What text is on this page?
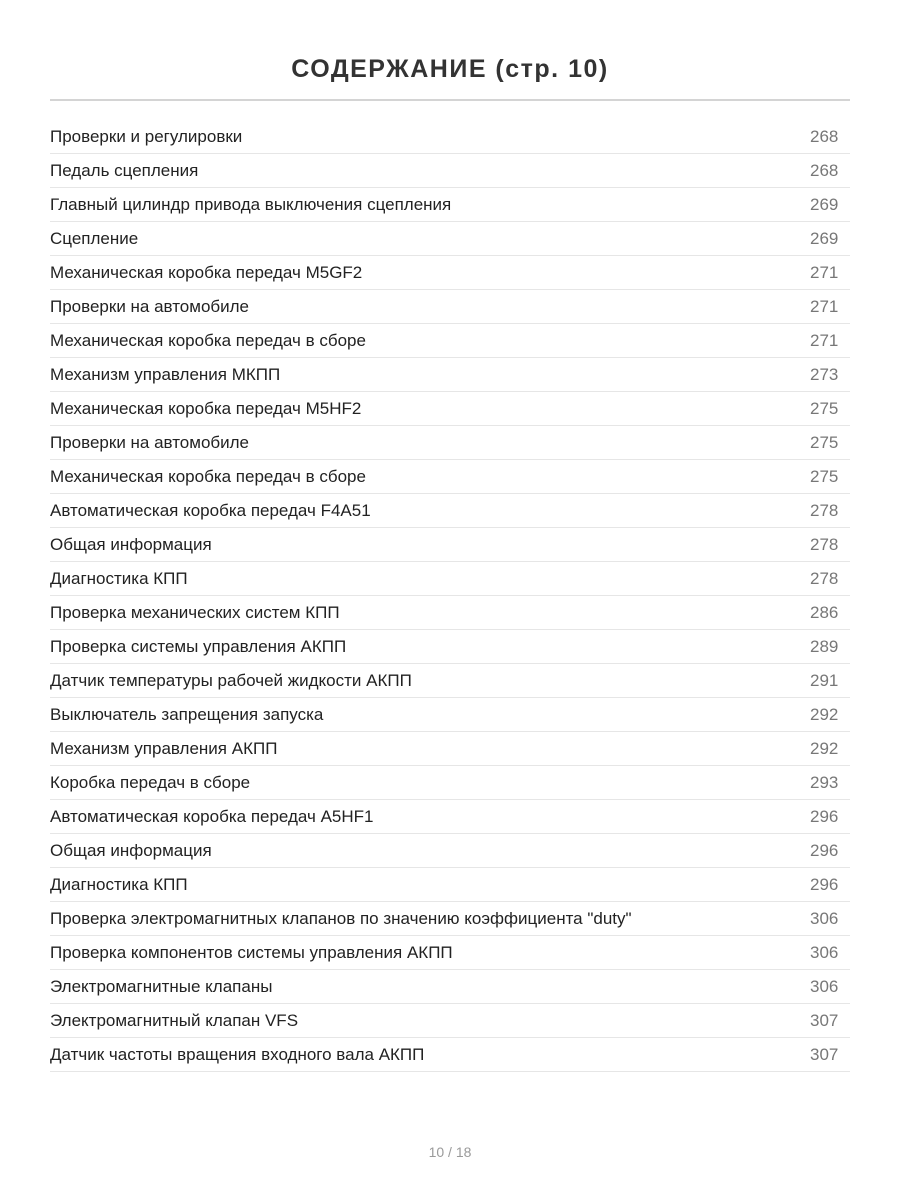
СОДЕРЖАНИЕ (стр. 10)
Проверки и регулировки	268
Педаль сцепления	268
Главный цилиндр привода выключения сцепления	269
Сцепление	269
Механическая коробка передач M5GF2	271
Проверки на автомобиле	271
Механическая коробка передач в сборе	271
Механизм управления МКПП	273
Механическая коробка передач M5HF2	275
Проверки на автомобиле	275
Механическая коробка передач в сборе	275
Автоматическая коробка передач F4A51	278
Общая информация	278
Диагностика КПП	278
Проверка механических систем КПП	286
Проверка системы управления АКПП	289
Датчик температуры рабочей жидкости АКПП	291
Выключатель запрещения запуска	292
Механизм управления АКПП	292
Коробка передач в сборе	293
Автоматическая коробка передач A5HF1	296
Общая информация	296
Диагностика КПП	296
Проверка электромагнитных клапанов по значению коэффициента "duty"	306
Проверка компонентов системы управления АКПП	306
Электромагнитные клапаны	306
Электромагнитный клапан VFS	307
Датчик частоты вращения входного вала АКПП	307
10 / 18
